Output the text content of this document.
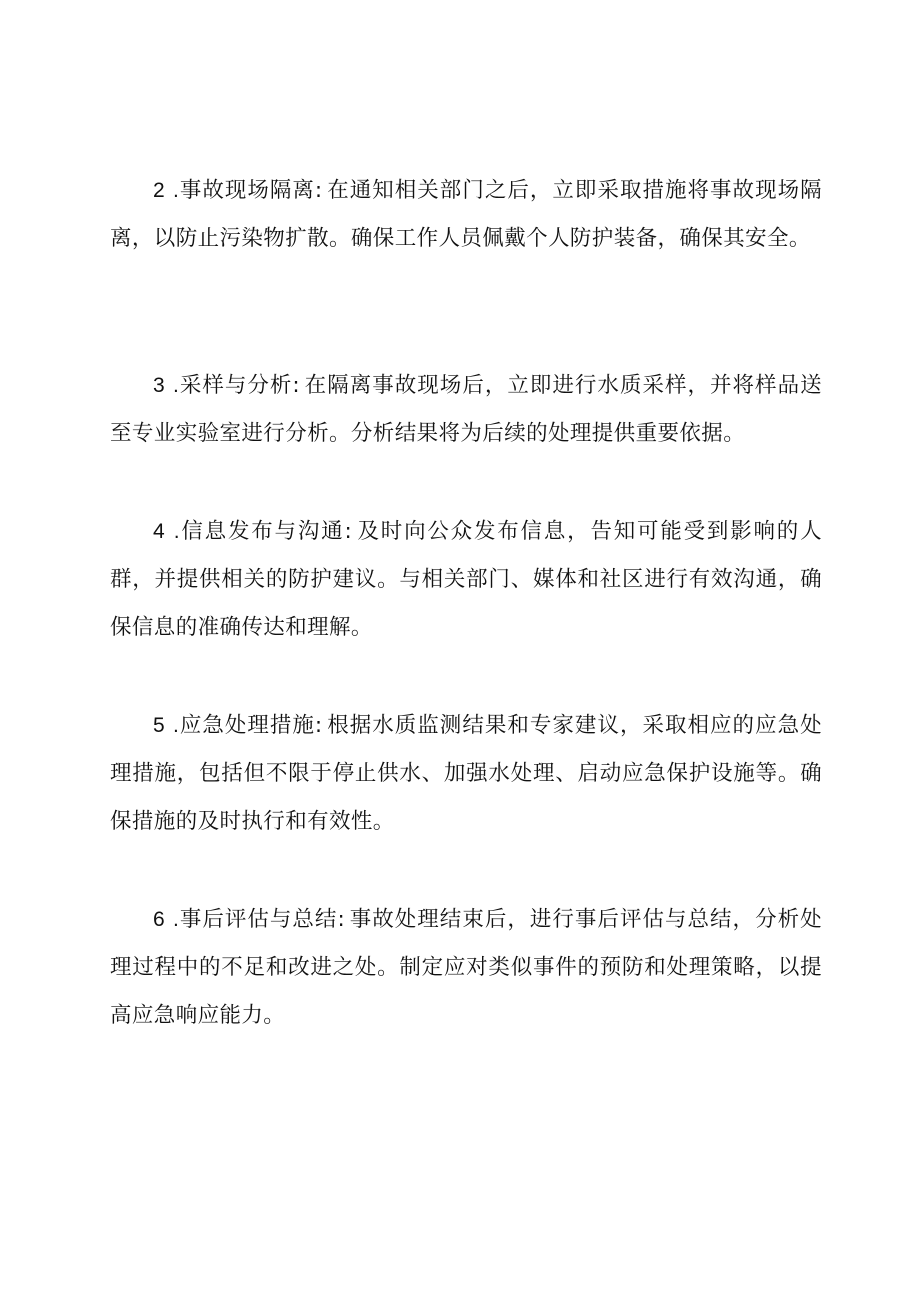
2 .事故现场隔离: 在通知相关部门之后，立即采取措施将事故现场隔离，以防止污染物扩散。确保工作人员佩戴个人防护装备，确保其安全。

3 .采样与分析: 在隔离事故现场后，立即进行水质采样，并将样品送至专业实验室进行分析。分析结果将为后续的处理提供重要依据。

4 .信息发布与沟通: 及时向公众发布信息，告知可能受到影响的人群，并提供相关的防护建议。与相关部门、媒体和社区进行有效沟通，确保信息的准确传达和理解。

5 .应急处理措施: 根据水质监测结果和专家建议，采取相应的应急处理措施，包括但不限于停止供水、加强水处理、启动应急保护设施等。确保措施的及时执行和有效性。

6 .事后评估与总结: 事故处理结束后，进行事后评估与总结，分析处理过程中的不足和改进之处。制定应对类似事件的预防和处理策略，以提高应急响应能力。
